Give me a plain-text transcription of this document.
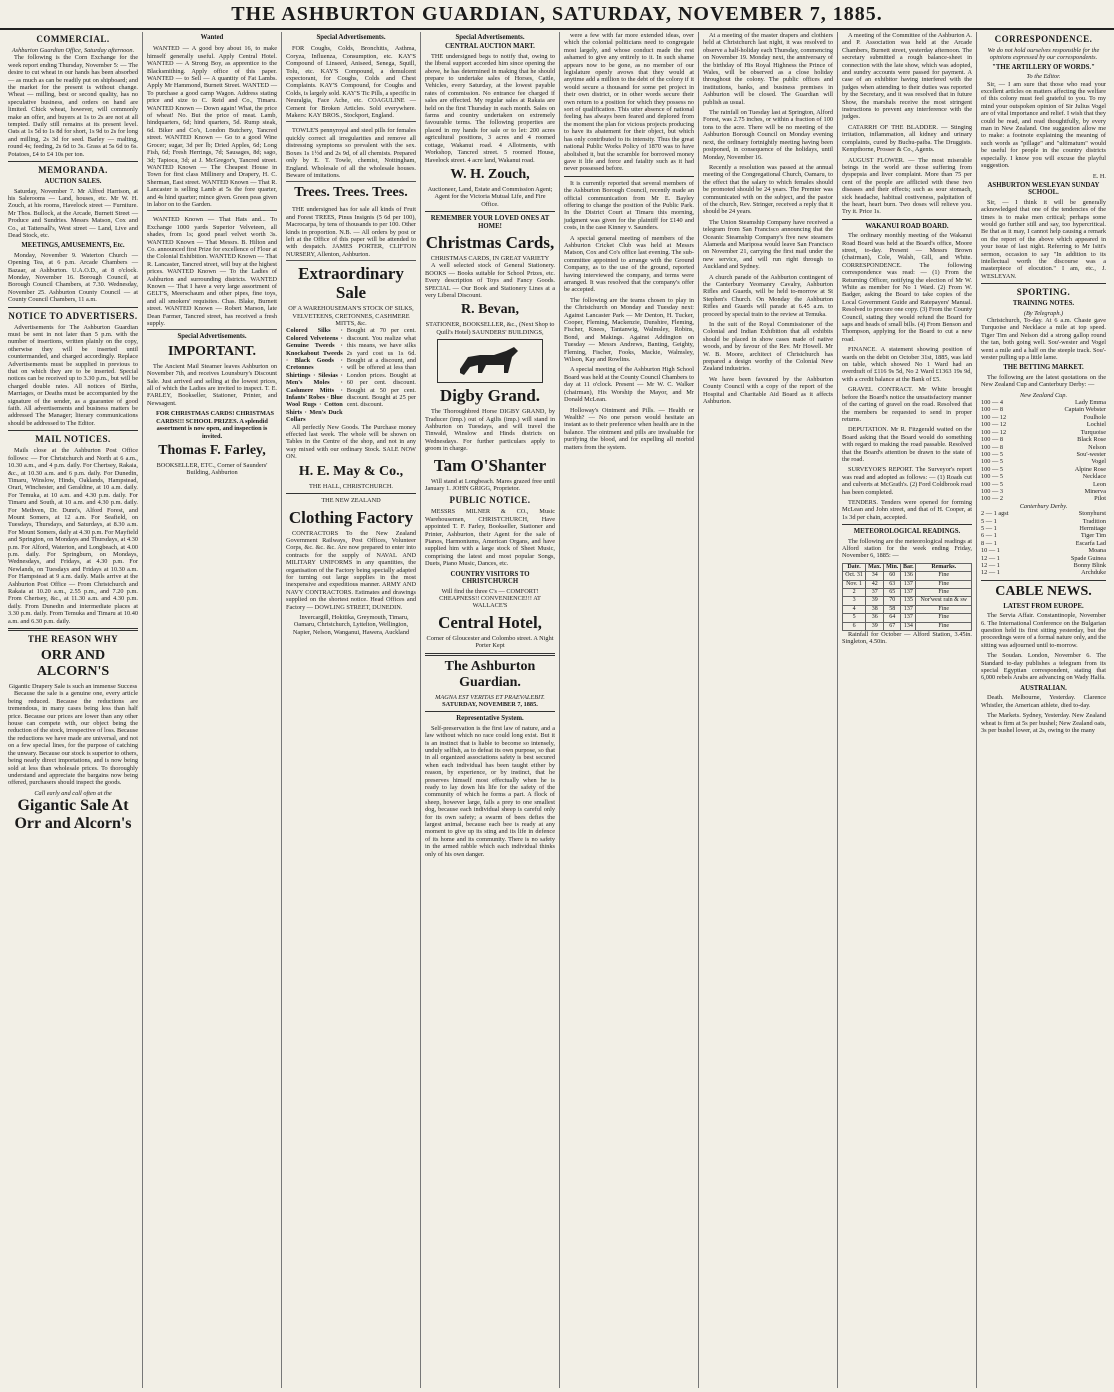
THE ASHBURTON GUARDIAN, SATURDAY, NOVEMBER 7, 1885.
COMMERCIAL.
Ashburton Guardian Office, Saturday afternoon.

The following is the Corn Exchange for the week report ending Thursday, November 5: — The desire to cut wheat in our hands has been absorbed — as much as can be readily put on shipboard; and the market for the present is without change. Wheat — milling, best or second quality, has no speculative business, and orders on hand are limited. Chick wheat, however, will commonly make an offer, and buyers at 1s to 2s are not at all tempted. Daily still remains at its present level. Oats at 1s 5d to 1s 8d for short, 1s 9d to 2s for long and milling, 2s 3d for seed. Barley — malting, round 4s; feeding, 2s 6d to 3s. Grass at 5s 6d to 6s. Potatoes, £4 to £4 10s per ton.

MEMORANDA.
AUCTION SALES.

Saturday, November 7. Mr Alfred Harrison, at his Salerooms — Land, houses, etc. Mr W. H. Zouch, at his rooms, Havelock street — Furniture. Mr Thos. Bullock, at the Arcade, Burnett Street — Produce and Sundries. Messrs Matson, Cox and Co., at Tattersall's, West street — Land, Live and Dead Stock, etc.

MEETINGS, AMUSEMENTS, Etc.

Monday, November 9. Waterton Church — Opening Tea, at 6 p.m. Arcade Chambers — Bazaar, at Ashburton. U.A.O.D., at 8 o'clock. Monday, November 16. Borough Council, at Borough Council Chambers, at 7.30. Wednesday, November 25. Ashburton County Council — at County Council Chambers, 11 a.m.

NOTICE TO ADVERTISERS.

Advertisements for The Ashburton Guardian must be sent in not later than 5 p.m. with the number of insertions, written plainly on the copy, otherwise they will be inserted until countermanded, and charged accordingly. Replace Advertisements must be supplied in previous to that on which they are to be inserted. Special notices can be received up to 3.30 p.m., but will be charged double rates. All notices of Births, Marriages, or Deaths must be accompanied by the signature of the sender, as a guarantee of good faith. All advertisements and business matters be addressed The Manager; literary communications should be addressed to The Editor.

MAIL NOTICES.

Mails close at the Ashburton Post Office follows: — For Christchurch and North at 6 a.m., 10.30 a.m., and 4 p.m. daily. For Chertsey, Rakaia, &c., at 10.30 a.m. and 6 p.m. daily. For Dunedin, Timaru, Winslow, Hinds, Oaklands, Hampstead, Orari, Winchester, and Geraldine, at 10 a.m. daily. For Temuka, at 10 a.m. and 4.30 p.m. daily. For Timaru and South, at 10 a.m. and 4.30 p.m. daily. For Methven, Dr. Dunn's, Alford Forest, and Mount Somers, at 12 a.m. For Seafield, on Tuesdays, Thursdays, and Saturdays, at 8.30 a.m. For Mount Somers, daily at 4.30 p.m. For Mayfield and Springton, on Mondays and Thursdays, at 4.30 p.m. For Alford, Waterton, and Longbeach, at 4.00 p.m. daily. For Springburn, on Mondays, Wednesdays, and Fridays, at 4.30 p.m. For Newlands, on Tuesdays and Fridays at 10.30 a.m. For Hampstead at 9 a.m. daily. Mails arrive at the Ashburton Post Office — From Christchurch and Rakaia at 10.20 a.m., 2.55 p.m., and 7.20 p.m. From Chertsey, &c., at 11.30 a.m. and 4.30 p.m. daily. From Dunedin and intermediate places at 3.30 p.m. daily. From Temuka and Timaru at 10.40 a.m. and 6.30 p.m. daily.

THE REASON WHY
ORR AND ALCORN'S
Gigantic Drapery Sale is such an immense Success

Because the sale is a genuine one, every article being reduced. Because the reductions are tremendous, in many cases being less than half price. Because our prices are lower than any other house can compete with, our object being the reduction of the stock, irrespective of loss. Because the reductions we have made are universal, and not on a few special lines, for the purpose of catching the unwary. Because our stock is superior to others, being nearly direct importations, and is now being sold at less than wholesale prices. To thoroughly understand and appreciate the bargains now being offered, purchasers should inspect the goods.

Call early and call often at the
Gigantic Sale At Orr and Alcorn's
Wanted

WANTED — A good boy about 16, to make himself generally useful. Apply Central Hotel. WANTED — A Strong Boy, as apprentice to the Blacksmithing. Apply office of this paper. WANTED — to Sell — A quantity of Fat Lambs. Apply Mr Hammond, Burnett Street. WANTED — To purchase a good camp Wagon. Address stating price and size to C. Reid and Co., Timaru. WANTED Known — Down again! What, the price of wheat! No. But the price of meat. Lamb, hindquarters, 6d; hind quarters, 5d. Rump steak, 6d. Biker and Co's, London Butchery, Tancred street. WANTED Known — Go to a good Wine Grocer; sugar, 3d per lb; Dried Apples, 6d; Long Fish, 6d; Fresh Herrings, 7d; Sausages, 8d; sago, 3d; Tapioca, 3d; at J. McGregor's, Tancred street. WANTED Known — The Cheapest House in Town for first class Millinery and Drapery, H. C. Sherman, East street. WANTED Known — That R. Lancaster is selling Lamb at 5s the fore quarter, and 4s hind quarter; mince given. Green peas given in labor on to the Garden.

WANTED Known — That Hats and... To Exchange 1000 yards Superior Velveteen, all shades, from 1s; good pearl velvet worth 3s. WANTED Known — That Messrs. B. Hilton and Co. announced first Prize for excellence of Flour at the Colonial Exhibition. WANTED Known — That R. Lancaster, Tancred street, will buy at the highest prices. WANTED Known — To the Ladies of Ashburton and surrounding districts. WANTED Known — That I have a very large assortment of GELT'S, Meerschaum and other pipes, fine toys, and all smokers' requisites. Chas. Blake, Burnett street. WANTED Known — Robert Marson, late Dean Farmer, Tancred street, has received a fresh supply.

Special Advertisements.
IMPORTANT.

The Ancient Mail Steamer leaves Ashburton on November 7th, and receives Lounsbury's Discount Sale. Just arrived and selling at the lowest prices, all of which the Ladies are invited to inspect. T. E. FARLEY, Bookseller, Stationer, Printer, and Newsagent.

FOR CHRISTMAS CARDS! CHRISTMAS CARDS!!! SCHOOL PRIZES. A splendid assortment is now open, and inspection is invited.

Thomas F. Farley,
BOOKSELLER, ETC., Corner of Saunders' Building, Ashburton
Special Advertisements.

FOR Coughs, Colds, Bronchitis, Asthma, Coryza, Influenza, Consumption, etc. KAY'S Compound of Linseed, Aniseed, Senega, Squill, Tolu, etc. KAY'S Compound, a demulcent expectorant, for Coughs, Colds and Chest Complaints. KAY'S Compound, for Coughs and Colds, is largely sold. KAY'S Tic Pills, a specific in Neuralgia, Face Ache, etc. COAGULINE — Cement for Broken Articles. Sold everywhere. Makers: KAY BROS., Stockport, England.

TOWLE'S pennyroyal and steel pills for females quickly correct all irregularities and remove all distressing symptoms so prevalent with the sex. Boxes 1s 1½d and 2s 9d, of all chemists. Prepared only by E. T. Towle, chemist, Nottingham, England. Wholesale of all the wholesale houses. Beware of imitations.

Trees. Trees. Trees.

THE undersigned has for sale all kinds of Fruit and Forest TREES, Pinus Insignis (5 6d per 100), Macrocarpa, by tens of thousands to per 100. Other kinds in proportion. N.B. — All orders by post or left at the Office of this paper will be attended to with despatch. JAMES PORTER, CLIFTON NURSERY, Allenton, Ashburton.

Extraordinary Sale
OF A WAREHOUSEMAN'S STOCK OF SILKS, VELVETEENS, CRETONNES, CASHMERE MITTS, &c.
Colored Silks · Colored Velveteens · Genuine Tweeds · Knockabout Tweeds · Black Goods · Cretonnes · Shirtings · Silesias · Men's Moles · Cashmere Mitts · Infants' Robes · Blue Wool Rugs · Cotton Shirts · Men's Duck Collars
Bought at 70 per cent. discount. You realize what this means, we have silks 2s yard cost us 1s 6d. Bought at a discount, and will be offered at less than London prices. Bought at 60 per cent. discount. Bought at 50 per cent. discount. Bought at 25 per cent. discount.

All perfectly New Goods. The Purchase money effected last week. The whole will be shown on Tables in the Centre of the shop, and not in any way mixed with our ordinary Stock. SALE NOW ON.

H. E. May & Co.,
THE HALL, CHRISTCHURCH.
THE NEW ZEALAND
Clothing Factory

CONTRACTORS To the New Zealand Government Railways, Post Offices, Volunteer Corps, &c. &c. &c. Are now prepared to enter into contracts for the supply of NAVAL AND MILITARY UNIFORMS in any quantities, the organisation of the Factory being specially adapted for turning out large supplies in the most inexpensive and expeditious manner. ARMY AND NAVY CONTRACTORS. Estimates and drawings supplied on the shortest notice. Head Offices and Factory — DOWLING STREET, DUNEDIN.

Invercargill, Hokitika, Greymouth, Timaru, Oamaru, Christchurch, Lyttelton, Wellington, Napier, Nelson, Wanganui, Hawera, Auckland

Special Advertisements.
CENTRAL AUCTION MART.

THE undersigned begs to notify that, owing to the liberal support accorded him since opening the above, he has determined in making that he should prepare to undertake sales of Horses, Cattle, Vehicles, every Saturday, at the lowest payable rates of commission. No entrance fee charged if sales are effected. My regular sales at Rakaia are held on the first Thursday in each month. Sales on farms and country undertaken on extremely favourable terms. The following properties are placed in my hands for sale or to let: 200 acres agricultural positions, 3 acres and 4 roomed cottage, Wakanui road. 4 Allotments, with Workshop, Tancred street. 5 roomed House, Havelock street. 4 acre land, Wakanui road.

W. H. Zouch,
Auctioneer, Land, Estate and Commission Agent; Agent for the Victoria Mutual Life, and Fire Office.
REMEMBER YOUR LOVED ONES AT HOME!
Christmas Cards,
CHRISTMAS CARDS, IN GREAT VARIETY

A well selected stock of General Stationery. BOOKS — Books suitable for School Prizes, etc. Every description of Toys and Fancy Goods. SPECIAL — Our Book and Stationery Lines at a very Liberal Discount.

R. Bevan,
STATIONER, BOOKSELLER, &c., (Next Shop to Quill's Hotel) SAUNDERS' BUILDINGS,
Digby Grand.

The Thoroughbred Horse DIGBY GRAND, by Traducer (imp.) out of Agilis (imp.) will stand in Ashburton on Tuesdays, and will travel the Tinwald, Winslow and Hinds districts on Wednesdays. For further particulars apply to groom in charge.

Tam O'Shanter

Will stand at Longbeach. Mares grazed free until January 1. JOHN GRIGG, Proprietor.

PUBLIC NOTICE.

MESSRS MILNER & CO., Music Warehousemen, CHRISTCHURCH, Have appointed T. F. Farley, Bookseller, Stationer and Printer, Ashburton, their Agent for the sale of Pianos, Harmoniums, American Organs, and have supplied him with a large stock of Sheet Music, comprising the latest and most popular Songs, Duets, Piano Music, Dances, etc.

COUNTRY VISITORS TO CHRISTCHURCH
Will find the three C's — COMFORT! CHEAPNESS!! CONVENIENCE!!! AT WALLACE'S
Central Hotel,
Corner of Gloucester and Colombo street. A Night Porter Kept
The Ashburton Guardian.
MAGNA EST VERITAS ET PRAEVALEBIT.
SATURDAY, NOVEMBER 7, 1885.
Representative System.

Self-preservation is the first law of nature, and a law without which no race could long exist. But it is an instinct that is liable to become so intensely, unduly selfish, as to defeat its own purpose, so that in all organized associations safety is best secured when each individual has been taught either by reason, by experience, or by instinct, that he preserves himself most effectually when he is ready to lay down his life for the safety of the community of which he forms a part. A flock of sheep, however large, falls a prey to one smallest dog, because each individual sheep is careful only for its own safety; a swarm of bees defies the largest animal, because each bee is ready at any moment to give up its sting and its life in defence of its home and its community. There is no safety in the armed rabble which each individual thinks only of his own danger.

were a few with far more extended ideas, over which the colonial politicians need to congregate most largely, and whose conduct made the rest ashamed to give any entirely to it. In such shame appears now to be gone, as no member of our legislature openly avows that they would at anytime add a million to the debt of the colony if it would secure a thousand for some pet project in their own district, or in other words secure their own return to a position for which they possess no sort of qualification. This utter absence of national feeling has always been feared and deplored from the moment the plan for vicious projects producing to have its abatement for their object, but which has only contributed to its intensity. Thus the great national Public Works Policy of 1870 was to have abolished it, but the scramble for borrowed money gave it life and force and fatality such as it had never possessed before.

It is currently reported that several members of the Ashburton Borough Council, recently made an official communication from Mr E. Bayley offering to change the position of the Public Park. In the District Court at Timaru this morning, judgment was given for the plaintiff for £140 and costs, in the case Kinney v. Saunders.

A special general meeting of members of the Ashburton Cricket Club was held at Messrs Matson, Cox and Co's office last evening. The sub-committee appointed to arrange with the Ground Company, as to the use of the ground, reported having interviewed the company, and terms were arranged. It was resolved that the company's offer be accepted.

The following are the teams chosen to play in the Christchurch on Monday and Tuesday next: Against Lancaster Park — Mr Denton, H. Tucker, Cooper, Fleming, Mackenzie, Dunshire, Fleming, Fischer, Knees, Tantanwig, Walmsley, Robins, Bond, and Makings. Against Addington on Tuesday — Messrs Andrews, Banting, Geighty, Fleming, Fischer, Fooks, Mackie, Walmsley, Wilson, Kay and Rowlins.

A special meeting of the Ashburton High School Board was held at the County Council Chambers to day at 11 o'clock. Present — Mr W. C. Walker (chairman), His Worship the Mayor, and Mr Donald McLean.

Holloway's Ointment and Pills. — Health or Wealth? — No one person would hesitate an instant as to their preference when health are in the balance. The ointment and pills are invaluable for purifying the blood, and for expelling all morbid matters from the system.

At a meeting of the master drapers and clothiers held at Christchurch last night, it was resolved to observe a half-holiday each Thursday, commencing on November 19. Monday next, the anniversary of the birthday of His Royal Highness the Prince of Wales, will be observed as a close holiday throughout the colony. The public offices and institutions, banks, and business premises in Ashburton will be closed. The Guardian will publish as usual.

The rainfall on Tuesday last at Springton, Alford Forest, was 2.75 inches, or within a fraction of 100 tons to the acre. There will be no meeting of the Ashburton Borough Council on Monday evening next, the ordinary fortnightly meeting having been postponed, in consequence of the holidays, until Monday, November 16.

Recently a resolution was passed at the annual meeting of the Congregational Church, Oamaru, to the effect that the salary to which females should be promoted should be 24 years. The Premier was communicated with on the subject, and the pastor of the church, Rev. Stringer, received a reply that it should be 24 years.

The Union Steamship Company have received a telegram from San Francisco announcing that the Oceanic Steamship Company's five new steamers Alameda and Mariposa would leave San Francisco on November 21, carrying the first mail under the new service, and will run right through to Auckland and Sydney.

A church parade of the Ashburton contingent of the Canterbury Yeomanry Cavalry, Ashburton Rifles and Guards, will be held to-morrow at St Stephen's Church. On Monday the Ashburton Rifles and Guards will parade at 6.45 a.m. to proceed by special train to the review at Temuka.

In the suit of the Royal Commissioner of the Colonial and Indian Exhibition that all exhibits should be placed in show cases made of native woods, and by favour of the Rev. Mr Howell. Mr W. B. Moore, architect of Christchurch has prepared a design worthy of the Colonial New Zealand industries.

We have been favoured by the Ashburton County Council with a copy of the report of the Hospital and Charitable Aid Board as it affects Ashburton.

A meeting of the Committee of the Ashburton A. and P. Association was held at the Arcade Chambers, Burnett street, yesterday afternoon. The secretary submitted a rough balance-sheet in connection with the late show, which was adopted, and sundry accounts were passed for payment. A case of an exhibitor having interfered with the judges when attending to their duties was reported by the Secretary, and it was resolved that in future Show, the marshals receive the most stringent instructions to prevent any interference with the judges.

CATARRH OF THE BLADDER. — Stinging irritation, inflammation, all kidney and urinary complaints, cured by Buchu-paiba. The Druggists. Kempthorne, Prosser & Co., Agents.

AUGUST FLOWER. — The most miserable beings in the world are those suffering from dyspepsia and liver complaint. More than 75 per cent of the people are afflicted with these two diseases and their effects; such as sour stomach, sick headache, habitual costiveness, palpitation of the heart, heart burn. Two doses will relieve you. Try it. Price 1s.

WAKANUI ROAD BOARD.

The ordinary monthly meeting of the Wakanui Road Board was held at the Board's office, Moore street, to-day. Present — Messrs Brown (chairman), Cole, Walsh, Gill, and White. CORRESPONDENCE. The following correspondence was read: — (1) From the Returning Officer, notifying the election of Mr W. White as member for No 1 Ward. (2) From W. Badger, asking the Board to take copies of the Local Government Guide and Ratepayers' Manual. Resolved to procure one copy. (3) From the County Council, stating they would refund the Board for saps and heads of small bills. (4) From Benson and Thompson, applying for the Board to cut a new road.

FINANCE. A statement showing position of wards on the debit on October 31st, 1885, was laid on table, which showed No 1 Ward had an overdraft of £116 9s 5d, No 2 Ward £1363 19s 9d, with a credit balance at the Bank of £5.

GRAVEL CONTRACT. Mr White brought before the Board's notice the unsatisfactory manner of the carting of gravel on the road. Resolved that the members be requested to send in proper returns.

DEPUTATION. Mr R. Fitzgerald waited on the Board asking that the Board would do something with regard to making the road passable. Resolved that the Board's attention be drawn to the state of the road.

SURVEYOR'S REPORT. The Surveyor's report was read and adopted as follows: — (1) Roads cut and culverts at McGrath's. (2) Ford Coldbrook road has been completed.

TENDERS. Tenders were opened for forming McLean and John street, and that of H. Cooper, at 1s 3d per chain, accepted.

METEOROLOGICAL READINGS.

The following are the meteorological readings at Alford station for the week ending Friday, November 6, 1885: —

Date.	Max.	Min.	Bar.	Remarks.
Oct. 31	34	60	136	Fine
Nov. 1	42	63	137	Fine
2	37	65	137	Fine
3	39	70	135	Nor'west rain & sw
4	38	58	137	Fine
5	36	64	137	Fine
6	39	67	134	Fine

Rainfall for October — Alford Station, 3.45in. Singleton, 4.50in.

CORRESPONDENCE.
We do not hold ourselves responsible for the opinions expressed by our correspondents.
"THE ARTILLERY OF WORDS."
To the Editor.

Sir, — I am sure that those who read your excellent articles on matters affecting the welfare of this colony must feel grateful to you. To my mind your outspoken opinion of Sir Julius Vogel are of vital importance and relief. I wish that they could be read, and read thoughtfully, by every man in New Zealand. One suggestion allow me to make: a footnote explaining the meaning of such words as "pillage" and "ultimatum" would be useful for people in the country districts especially. I know you will excuse the playful suggestion.

E. H.
ASHBURTON WESLEYAN SUNDAY SCHOOL.

Sir, — I think it will be generally acknowledged that one of the tendencies of the times is to make men critical; perhaps some would go further still and say, too hypercritical. Be that as it may, I cannot help causing a remark on the report of the above which appeared in your issue of last night. Referring to Mr Isitt's sermon, occasion to say "In addition to its intellectual worth the discourse was a masterpiece of elocution." I am, etc., J. WESLEYAN.

SPORTING.
TRAINING NOTES.
(By Telegraph.)

Christchurch, To-day. At 6 a.m. Chaste gave Turquoise and Necklace a mile at top speed. Tiger Tim and Nelson did a strong gallop round the tan, both going well. Sou'-wester and Vogel went a mile and a half on the steeple track. Sou'-wester pulling up a little lame.

THE BETTING MARKET.

The following are the latest quotations on the New Zealand Cup and Canterbury Derby: —

New Zealand Cup.
100 — 4	Lady Emma
100 — 8	Captain Webster
100 — 12	Foulhole
100 — 12	Lochiel
100 — 12	Turquoise
100 — 8	Black Rose
100 — 8	Nelson
100 — 5	Sou'-wester
100 — 5	Vogel
100 — 5	Alpine Rose
100 — 5	Necklace
100 — 5	Leon
100 — 3	Minerva
100 — 2	Pilot
Canterbury Derby.
2 — 1 agst	Stonyhurst
5 — 1	Tradition
5 — 1	Hermitage
6 — 1	Tiger Tim
8 — 1	Escarfa Lad
10 — 1	Moana
12 — 1	Spade Guinea
12 — 1	Bonny Blink
12 — 1	Archduke
CABLE NEWS.
LATEST FROM EUROPE.

The Servia Affair. Constantinople, November 6. The International Conference on the Bulgarian question held its first sitting yesterday, but the proceedings were of a formal nature only, and the sitting was adjourned until to-morrow.

The Soudan. London, November 6. The Standard to-day publishes a telegram from its special Egyptian correspondent, stating that 6,000 rebels Arabs are advancing on Wady Halfa.

AUSTRALIAN.

Death. Melbourne, Yesterday. Clarence Whistler, the American athlete, died to-day.

The Markets. Sydney, Yesterday. New Zealand wheat is firm at 5s per bushel; New Zealand oats, 3s per bushel lower, at 2s, owing to the many
